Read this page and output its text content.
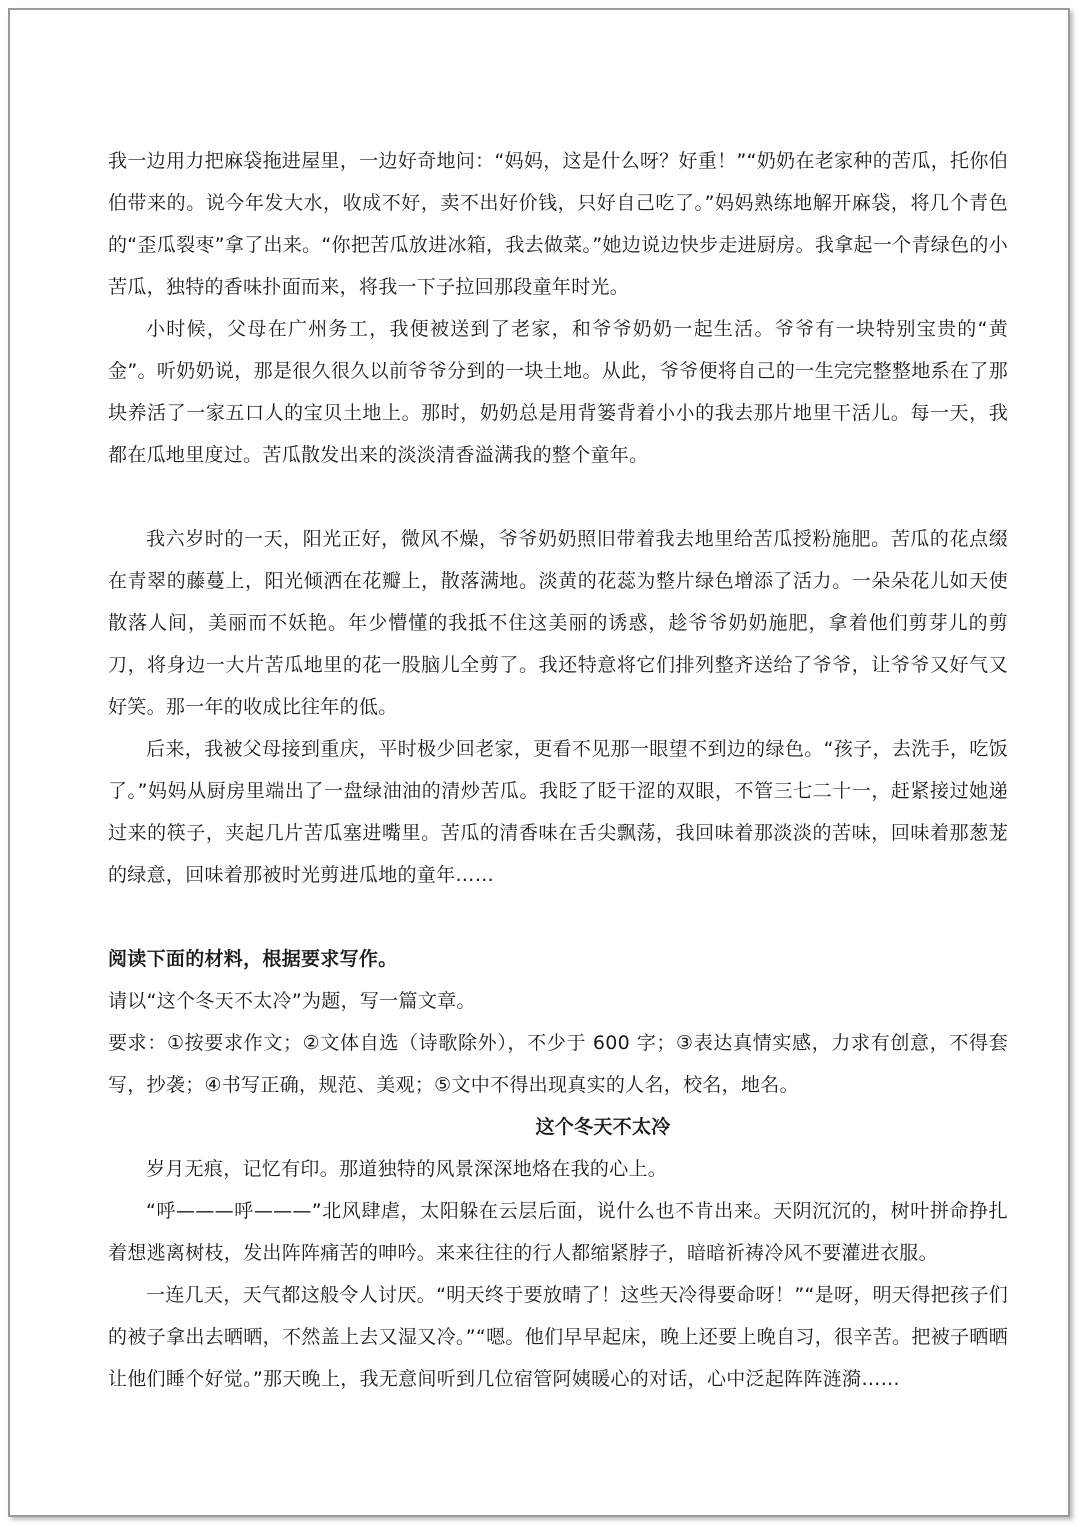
我一边用力把麻袋拖进屋里，一边好奇地问：“妈妈，这是什么呀？好重！”“奶奶在老家种的苦瓜，托你伯伯带来的。说今年发大水，收成不好，卖不出好价钱，只好自己吃了。”妈妈熟练地解开麻袋，将几个青色的“歪瓜裂枣”拿了出来。“你把苦瓜放进冰箱，我去做菜。”她边说边快步走进厨房。我拿起一个青绿色的小苦瓜，独特的香味扑面而来，将我一下子拉回那段童年时光。

小时候，父母在广州务工，我便被送到了老家，和爷爷奶奶一起生活。爷爷有一块特别宝贵的“黄金”。听奶奶说，那是很久很久以前爷爷分到的一块土地。从此，爷爷便将自己的一生完完整整地系在了那块养活了一家五口人的宝贝土地上。那时，奶奶总是用背篓背着小小的我去那片地里干活儿。每一天，我都在瓜地里度过。苦瓜散发出来的淡淡清香溢满我的整个童年。

我六岁时的一天，阳光正好，微风不燥，爷爷奶奶照旧带着我去地里给苦瓜授粉施肥。苦瓜的花点缀在青翠的藤蔓上，阳光倾洒在花瓣上，散落满地。淡黄的花蕊为整片绿色增添了活力。一朵朵花儿如天使散落人间，美丽而不妖艳。年少懵懂的我抵不住这美丽的诱惑，趁爷爷奶奶施肥，拿着他们剪芽儿的剪刀，将身边一大片苦瓜地里的花一股脑儿全剪了。我还特意将它们排列整齐送给了爷爷，让爷爷又好气又好笑。那一年的收成比往年的低。

后来，我被父母接到重庆，平时极少回老家，更看不见那一眼望不到边的绿色。“孩子，去洗手，吃饭了。”妈妈从厨房里端出了一盘绿油油的清炒苦瓜。我眨了眨干涩的双眼，不管三七二十一，赶紧接过她递过来的筷子，夹起几片苦瓜塞进嘴里。苦瓜的清香味在舌尖飘荡，我回味着那淡淡的苦味，回味着那葱茏的绿意，回味着那被时光剪进瓜地的童年……

阅读下面的材料，根据要求写作。

请以“这个冬天不太冷”为题，写一篇文章。

要求：①按要求作文；②文体自选（诗歌除外），不少于 600 字；③表达真情实感，力求有创意，不得套写，抄袭；④书写正确，规范、美观；⑤文中不得出现真实的人名，校名，地名。

这个冬天不太冷

岁月无痕，记忆有印。那道独特的风景深深地烙在我的心上。

“呼———呼———”北风肆虐，太阳躲在云层后面，说什么也不肯出来。天阴沉沉的，树叶拼命挣扎着想逃离树枝，发出阵阵痛苦的呻吟。来来往往的行人都缩紧脖子，暗暗祈祷冷风不要灌进衣服。

一连几天，天气都这般令人讨厌。“明天终于要放晴了！这些天冷得要命呀！”“是呀，明天得把孩子们的被子拿出去晒晒，不然盖上去又湿又冷。”“嗯。他们早早起床，晚上还要上晚自习，很辛苦。把被子晒晒让他们睡个好觉。”那天晚上，我无意间听到几位宿管阿姨暖心的对话，心中泛起阵阵涟漪……
